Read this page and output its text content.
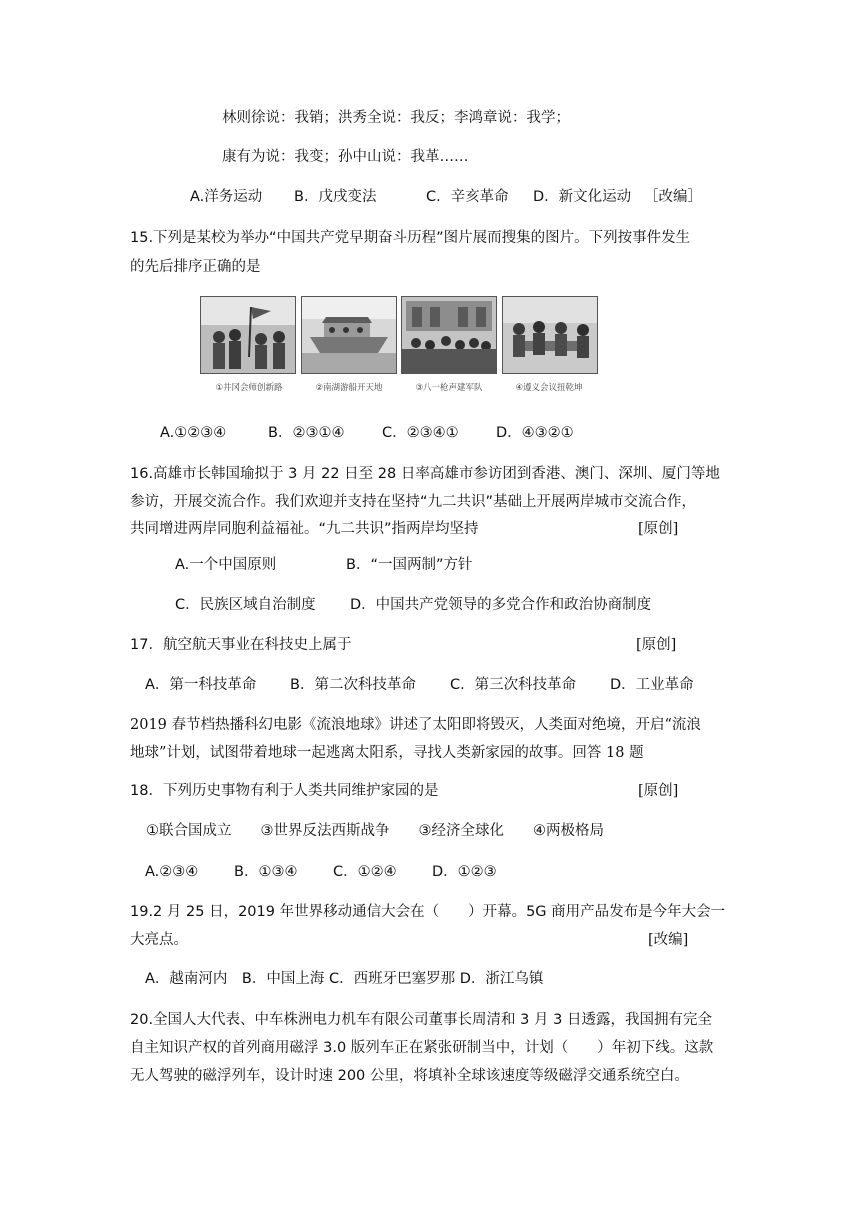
林则徐说：我销；洪秀全说：我反；李鸿章说：我学；
康有为说：我变；孙中山说：我革……
A.洋务运动 B．戊戌变法	C．辛亥革命 D．新文化运动 ［改编］
15.下列是某校为举办“中国共产党早期奋斗历程”图片展而搜集的图片。下列按事件发生
的先后排序正确的是
①井冈会师创新路	②南湖游船开天地	③八一枪声建军队	④遵义会议扭乾坤
A.①②③④	B．②③①④	C．②③④①	D．④③②①
16.高雄市长韩国瑜拟于 3 月 22 日至 28 日率高雄市参访团到香港、澳门、深圳、厦门等地
参访，开展交流合作。我们欢迎并支持在坚持“九二共识”基础上开展两岸城市交流合作，
共同增进两岸同胞利益福祉。“九二共识”指两岸均坚持	[原创]
A.一个中国原则	B．“一国两制”方针
C．民族区域自治制度 D．中国共产党领导的多党合作和政治协商制度
17．航空航天事业在科技史上属于	[原创]
A．第一科技革命 B．第二次科技革命 C．第三次科技革命 D．工业革命
2019 春节档热播科幻电影《流浪地球》讲述了太阳即将毁灭，人类面对绝境，开启“流浪
地球”计划，试图带着地球一起逃离太阳系，寻找人类新家园的故事。回答 18 题
18．下列历史事物有利于人类共同维护家园的是	[原创]
①联合国成立　　③世界反法西斯战争　　③经济全球化　　④两极格局
A.②③④ B．①③④ C．①②④ D．①②③
19.2 月 25 日，2019 年世界移动通信大会在（　　）开幕。5G 商用产品发布是今年大会一
大亮点。	[改编]
A．越南河内　B．中国上海 C．西班牙巴塞罗那 D．浙江乌镇
20.全国人大代表、中车株洲电力机车有限公司董事长周清和 3 月 3 日透露，我国拥有完全
自主知识产权的首列商用磁浮 3.0 版列车正在紧张研制当中，计划（　　）年初下线。这款
无人驾驶的磁浮列车，设计时速 200 公里，将填补全球该速度等级磁浮交通系统空白。
